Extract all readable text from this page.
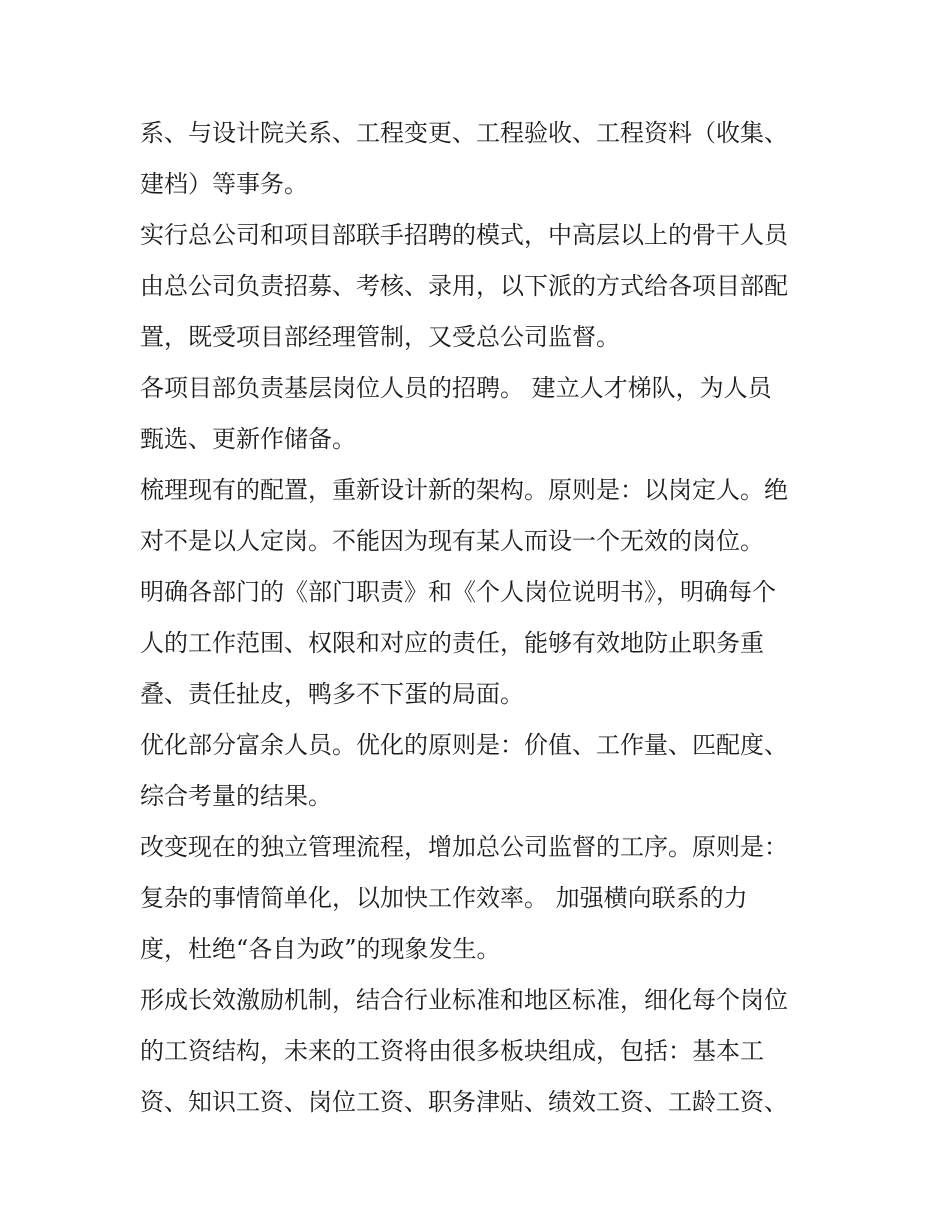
系、与设计院关系、工程变更、工程验收、工程资料（收集、
建档）等事务。
实行总公司和项目部联手招聘的模式，中高层以上的骨干人员
由总公司负责招募、考核、录用，以下派的方式给各项目部配
置，既受项目部经理管制，又受总公司监督。
各项目部负责基层岗位人员的招聘。 建立人才梯队，为人员
甄选、更新作储备。
梳理现有的配置，重新设计新的架构。原则是：以岗定人。绝
对不是以人定岗。不能因为现有某人而设一个无效的岗位。
明确各部门的《部门职责》和《个人岗位说明书》，明确每个
人的工作范围、权限和对应的责任，能够有效地防止职务重
叠、责任扯皮，鸭多不下蛋的局面。
优化部分富余人员。优化的原则是：价值、工作量、匹配度、
综合考量的结果。
改变现在的独立管理流程，增加总公司监督的工序。原则是：
复杂的事情简单化，以加快工作效率。 加强横向联系的力
度，杜绝“各自为政”的现象发生。
形成长效激励机制，结合行业标准和地区标准，细化每个岗位
的工资结构，未来的工资将由很多板块组成，包括：基本工
资、知识工资、岗位工资、职务津贴、绩效工资、工龄工资、
